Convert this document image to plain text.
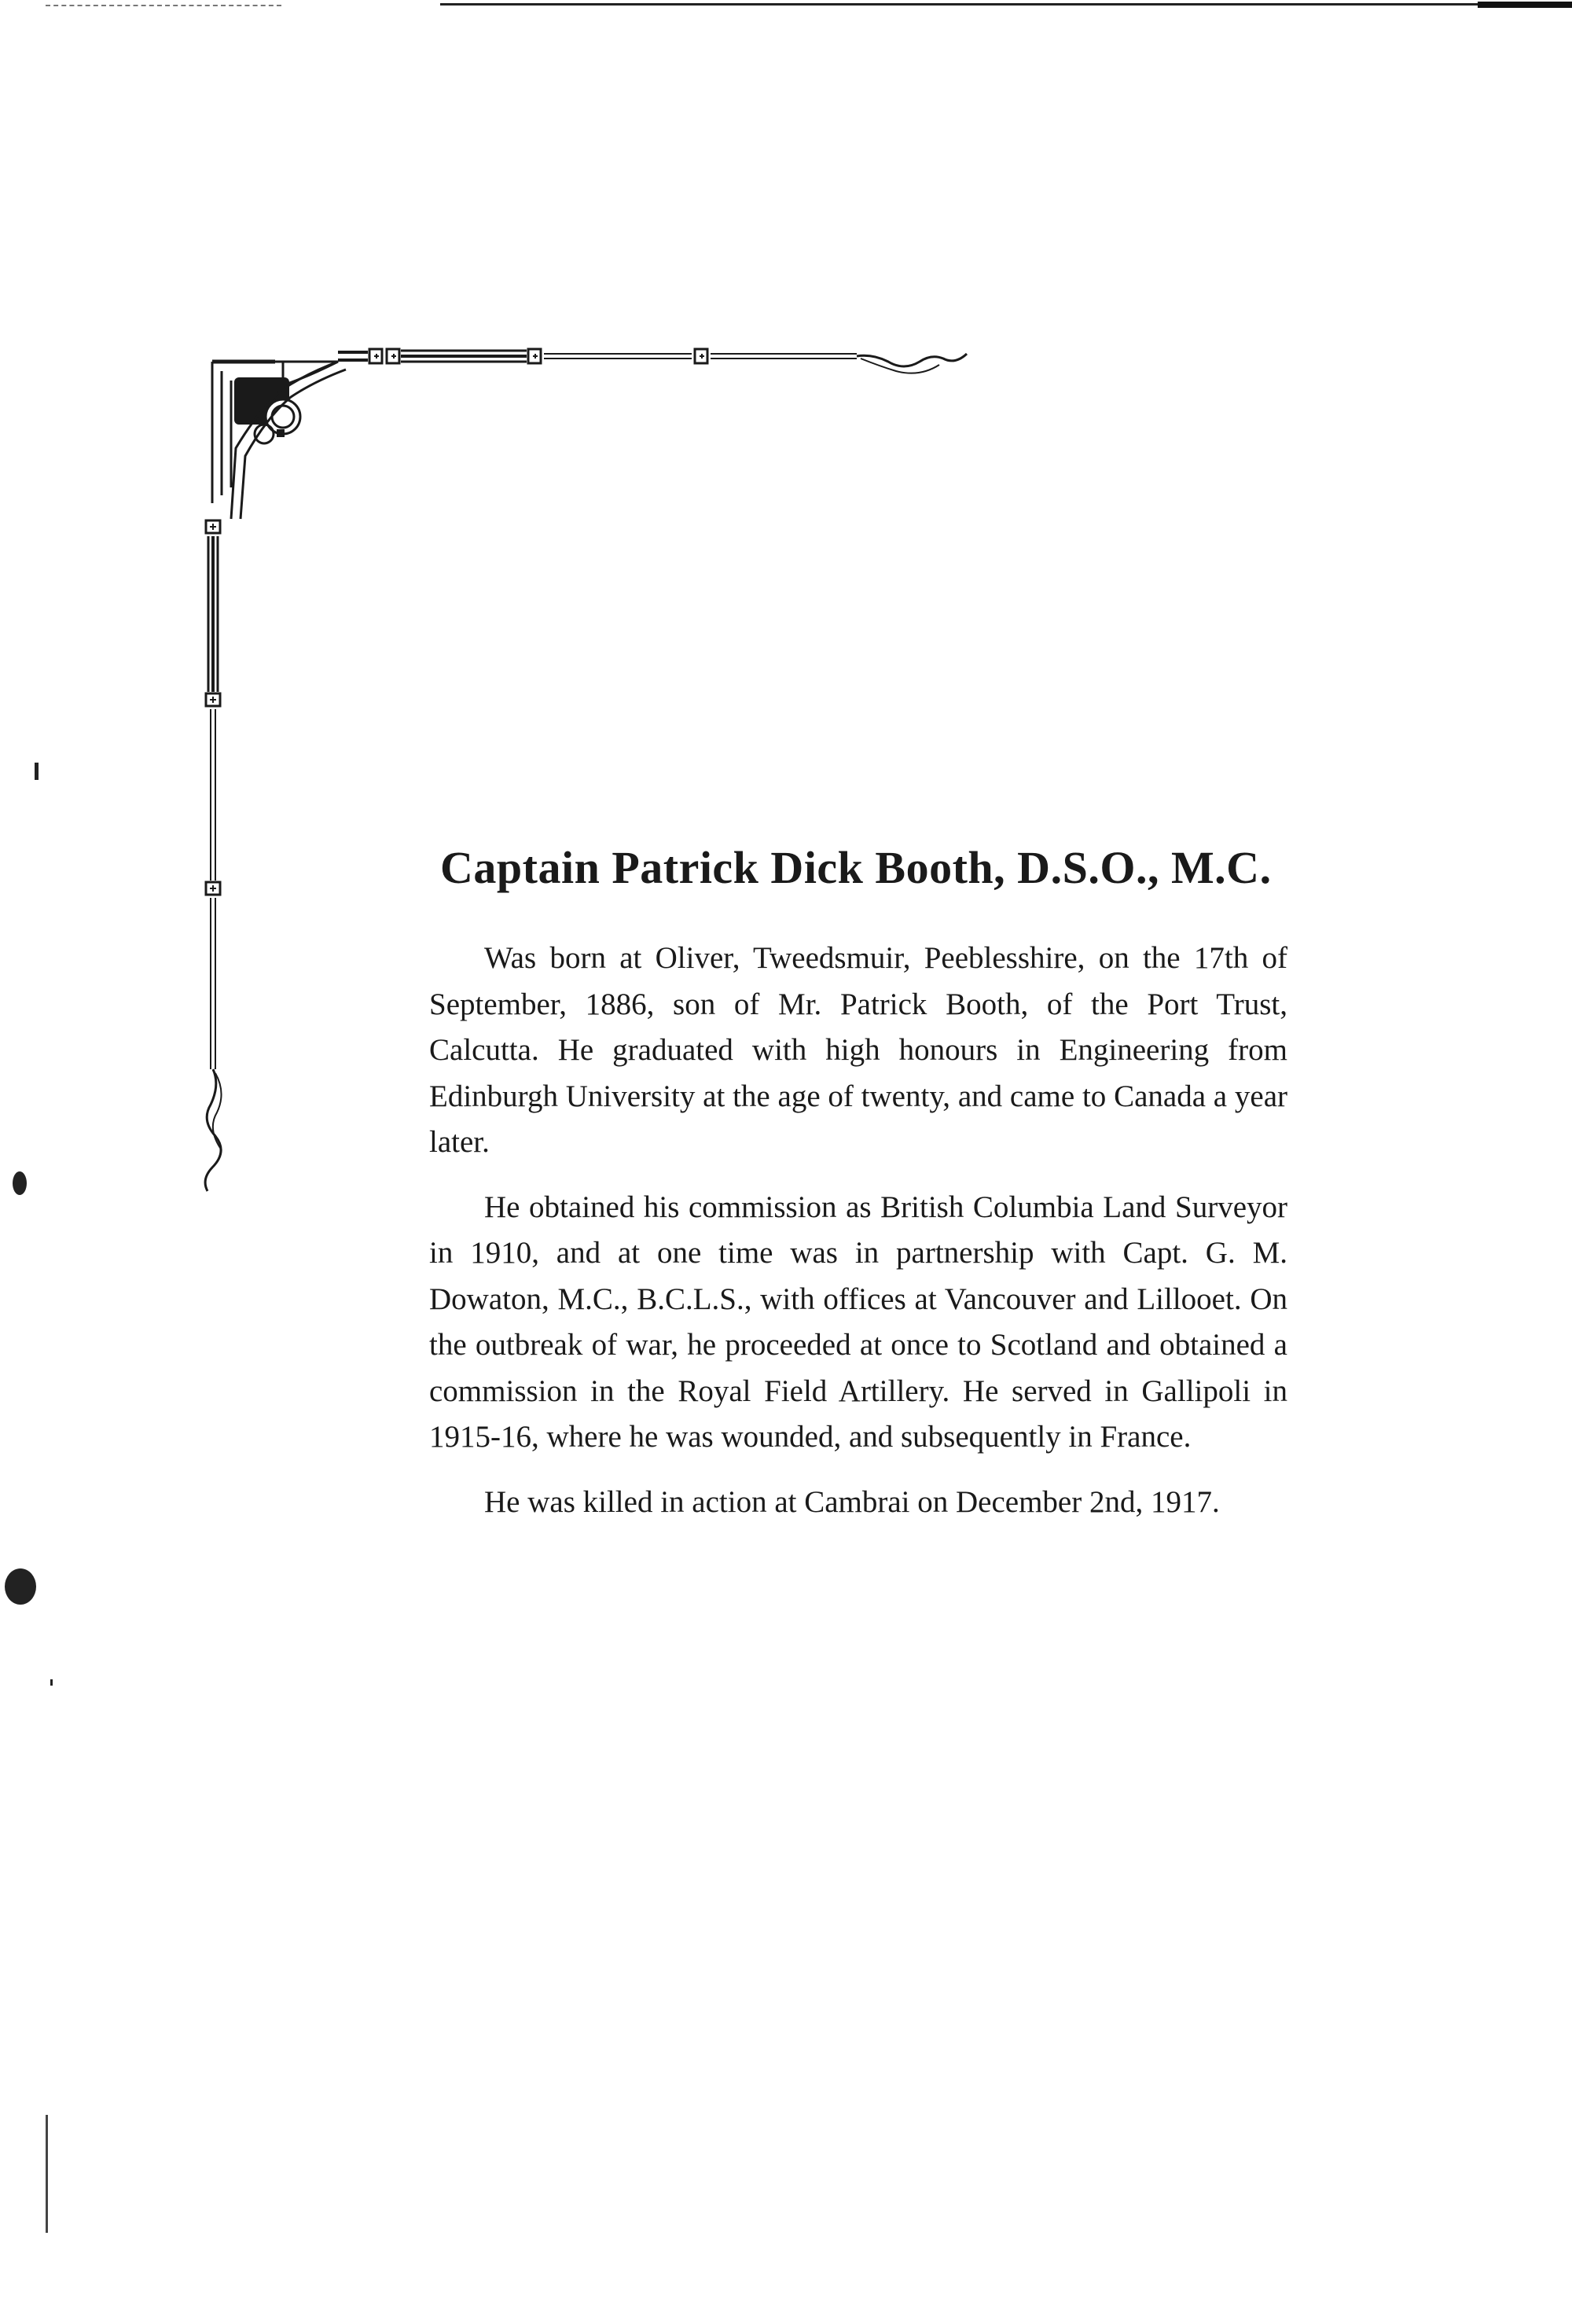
Captain Patrick Dick Booth, D.S.O., M.C.

Was born at Oliver, Tweedsmuir, Peeblesshire, on the 17th of September, 1886, son of Mr. Patrick Booth, of the Port Trust, Calcutta. He graduated with high honours in Engineering from Edinburgh University at the age of twenty, and came to Canada a year later.

He obtained his commission as British Columbia Land Surveyor in 1910, and at one time was in partnership with Capt. G. M. Dowaton, M.C., B.C.L.S., with offices at Vancouver and Lillooet. On the outbreak of war, he proceeded at once to Scotland and obtained a commission in the Royal Field Artillery. He served in Gallipoli in 1915-16, where he was wounded, and subsequently in France.

He was killed in action at Cambrai on December 2nd, 1917.
